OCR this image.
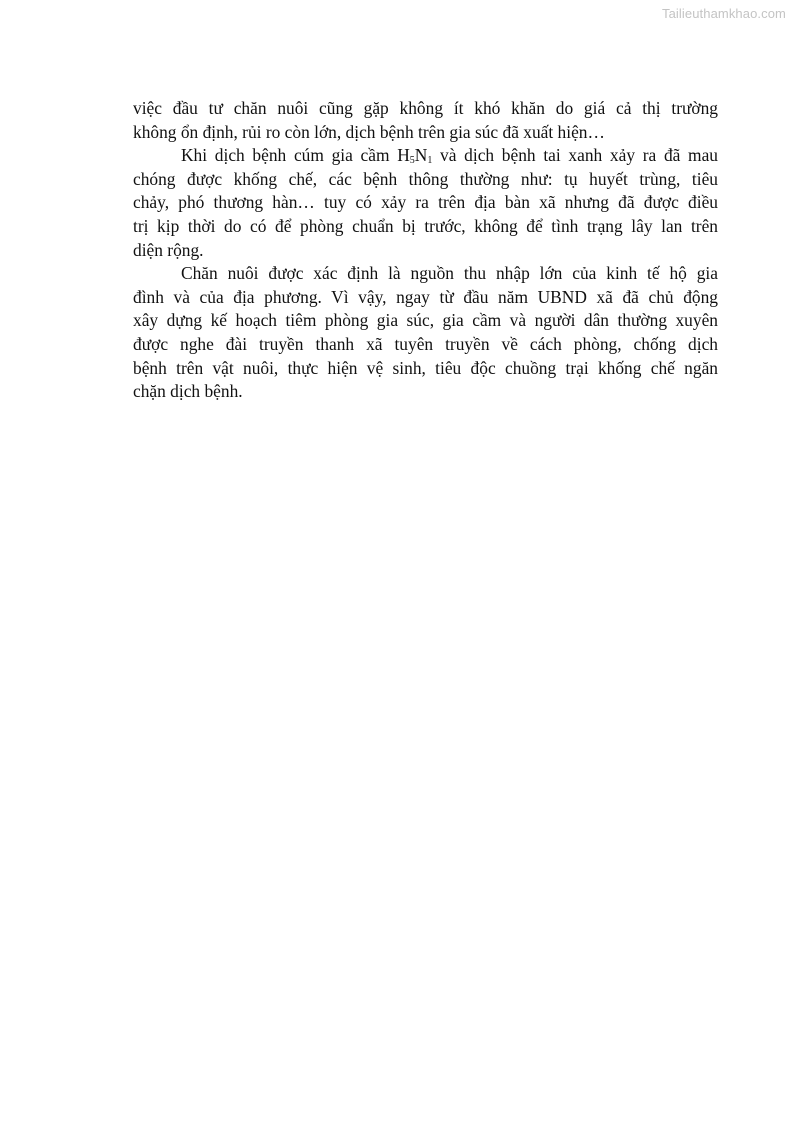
Tailieuthamkhao.com

việc đầu tư chăn nuôi cũng gặp không ít khó khăn do giá cả thị trường
không ổn định, rủi ro còn lớn, dịch bệnh trên gia súc đã xuất hiện…

Khi dịch bệnh cúm gia cầm $H_5N_1$ và dịch bệnh tai xanh xảy ra đã mau
chóng được khống chế, các bệnh thông thường như: tụ huyết trùng, tiêu
chảy, phó thương hàn… tuy có xảy ra trên địa bàn xã nhưng đã được điều
trị kịp thời do có để phòng chuẩn bị trước, không để tình trạng lây lan trên
diện rộng.

Chăn nuôi được xác định là nguồn thu nhập lớn của kinh tế hộ gia
đình và của địa phương. Vì vậy, ngay từ đầu năm UBND xã đã chủ động
xây dựng kế hoạch tiêm phòng gia súc, gia cầm và người dân thường xuyên
được nghe đài truyền thanh xã tuyên truyền về cách phòng, chống dịch
bệnh trên vật nuôi, thực hiện vệ sinh, tiêu độc chuồng trại khống chế ngăn
chặn dịch bệnh.
